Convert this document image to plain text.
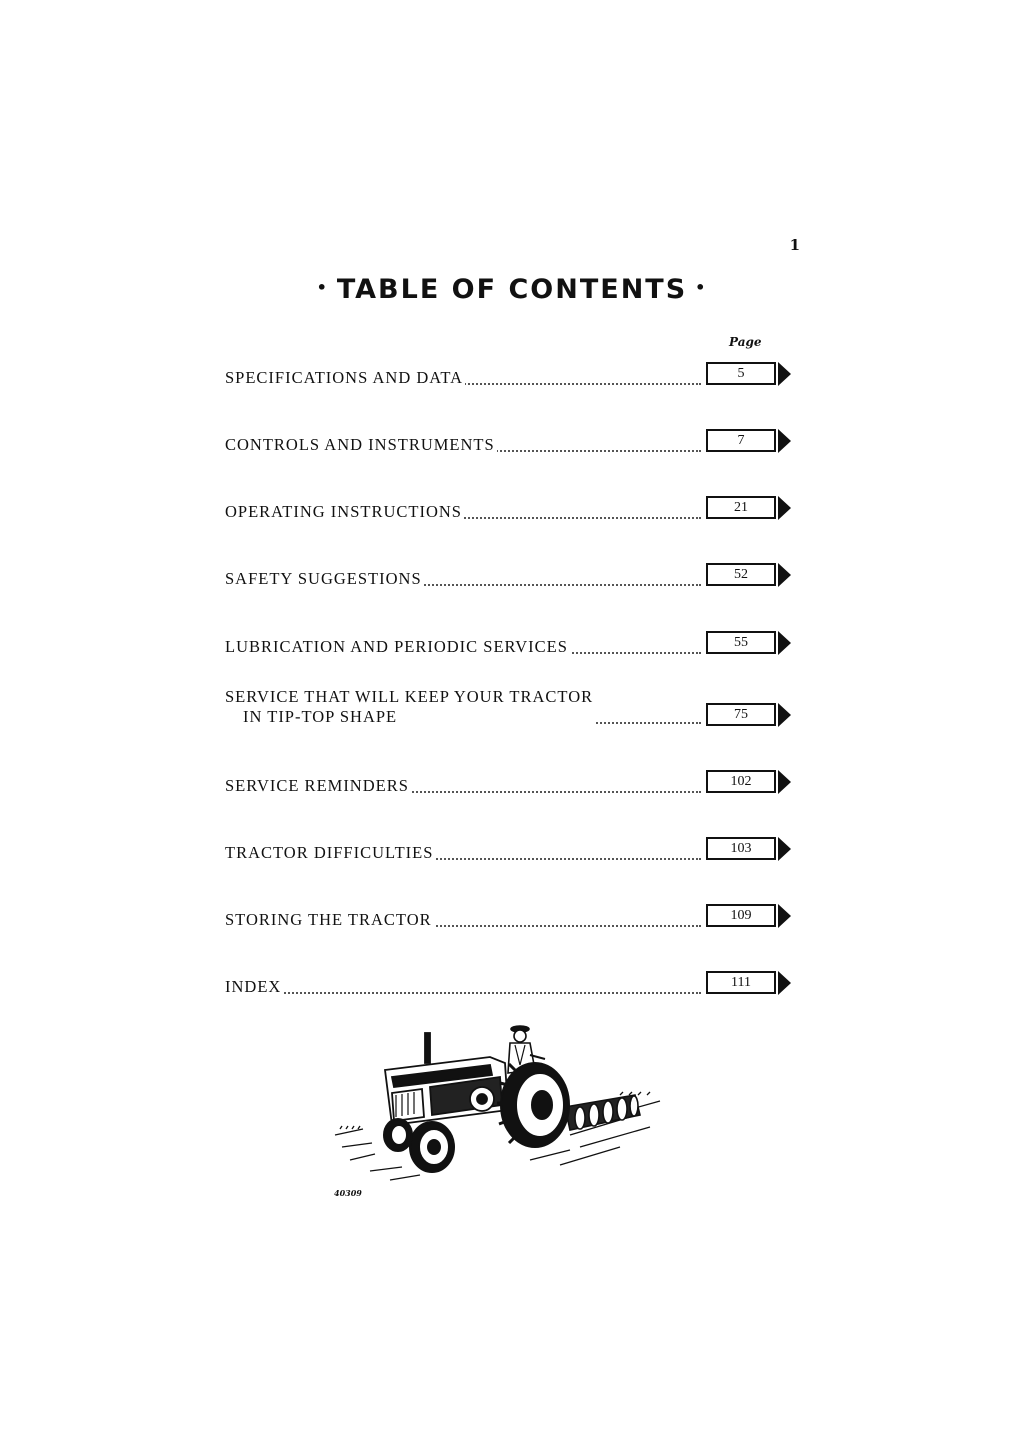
1
• TABLE OF CONTENTS •
Page
SPECIFICATIONS AND DATA	5
CONTROLS AND INSTRUMENTS	7
OPERATING INSTRUCTIONS	21
SAFETY SUGGESTIONS	52
LUBRICATION AND PERIODIC SERVICES	55
SERVICE THAT WILL KEEP YOUR TRACTOR
IN TIP-TOP SHAPE	75
SERVICE REMINDERS	102
TRACTOR DIFFICULTIES	103
STORING THE TRACTOR	109
INDEX	111
40309
